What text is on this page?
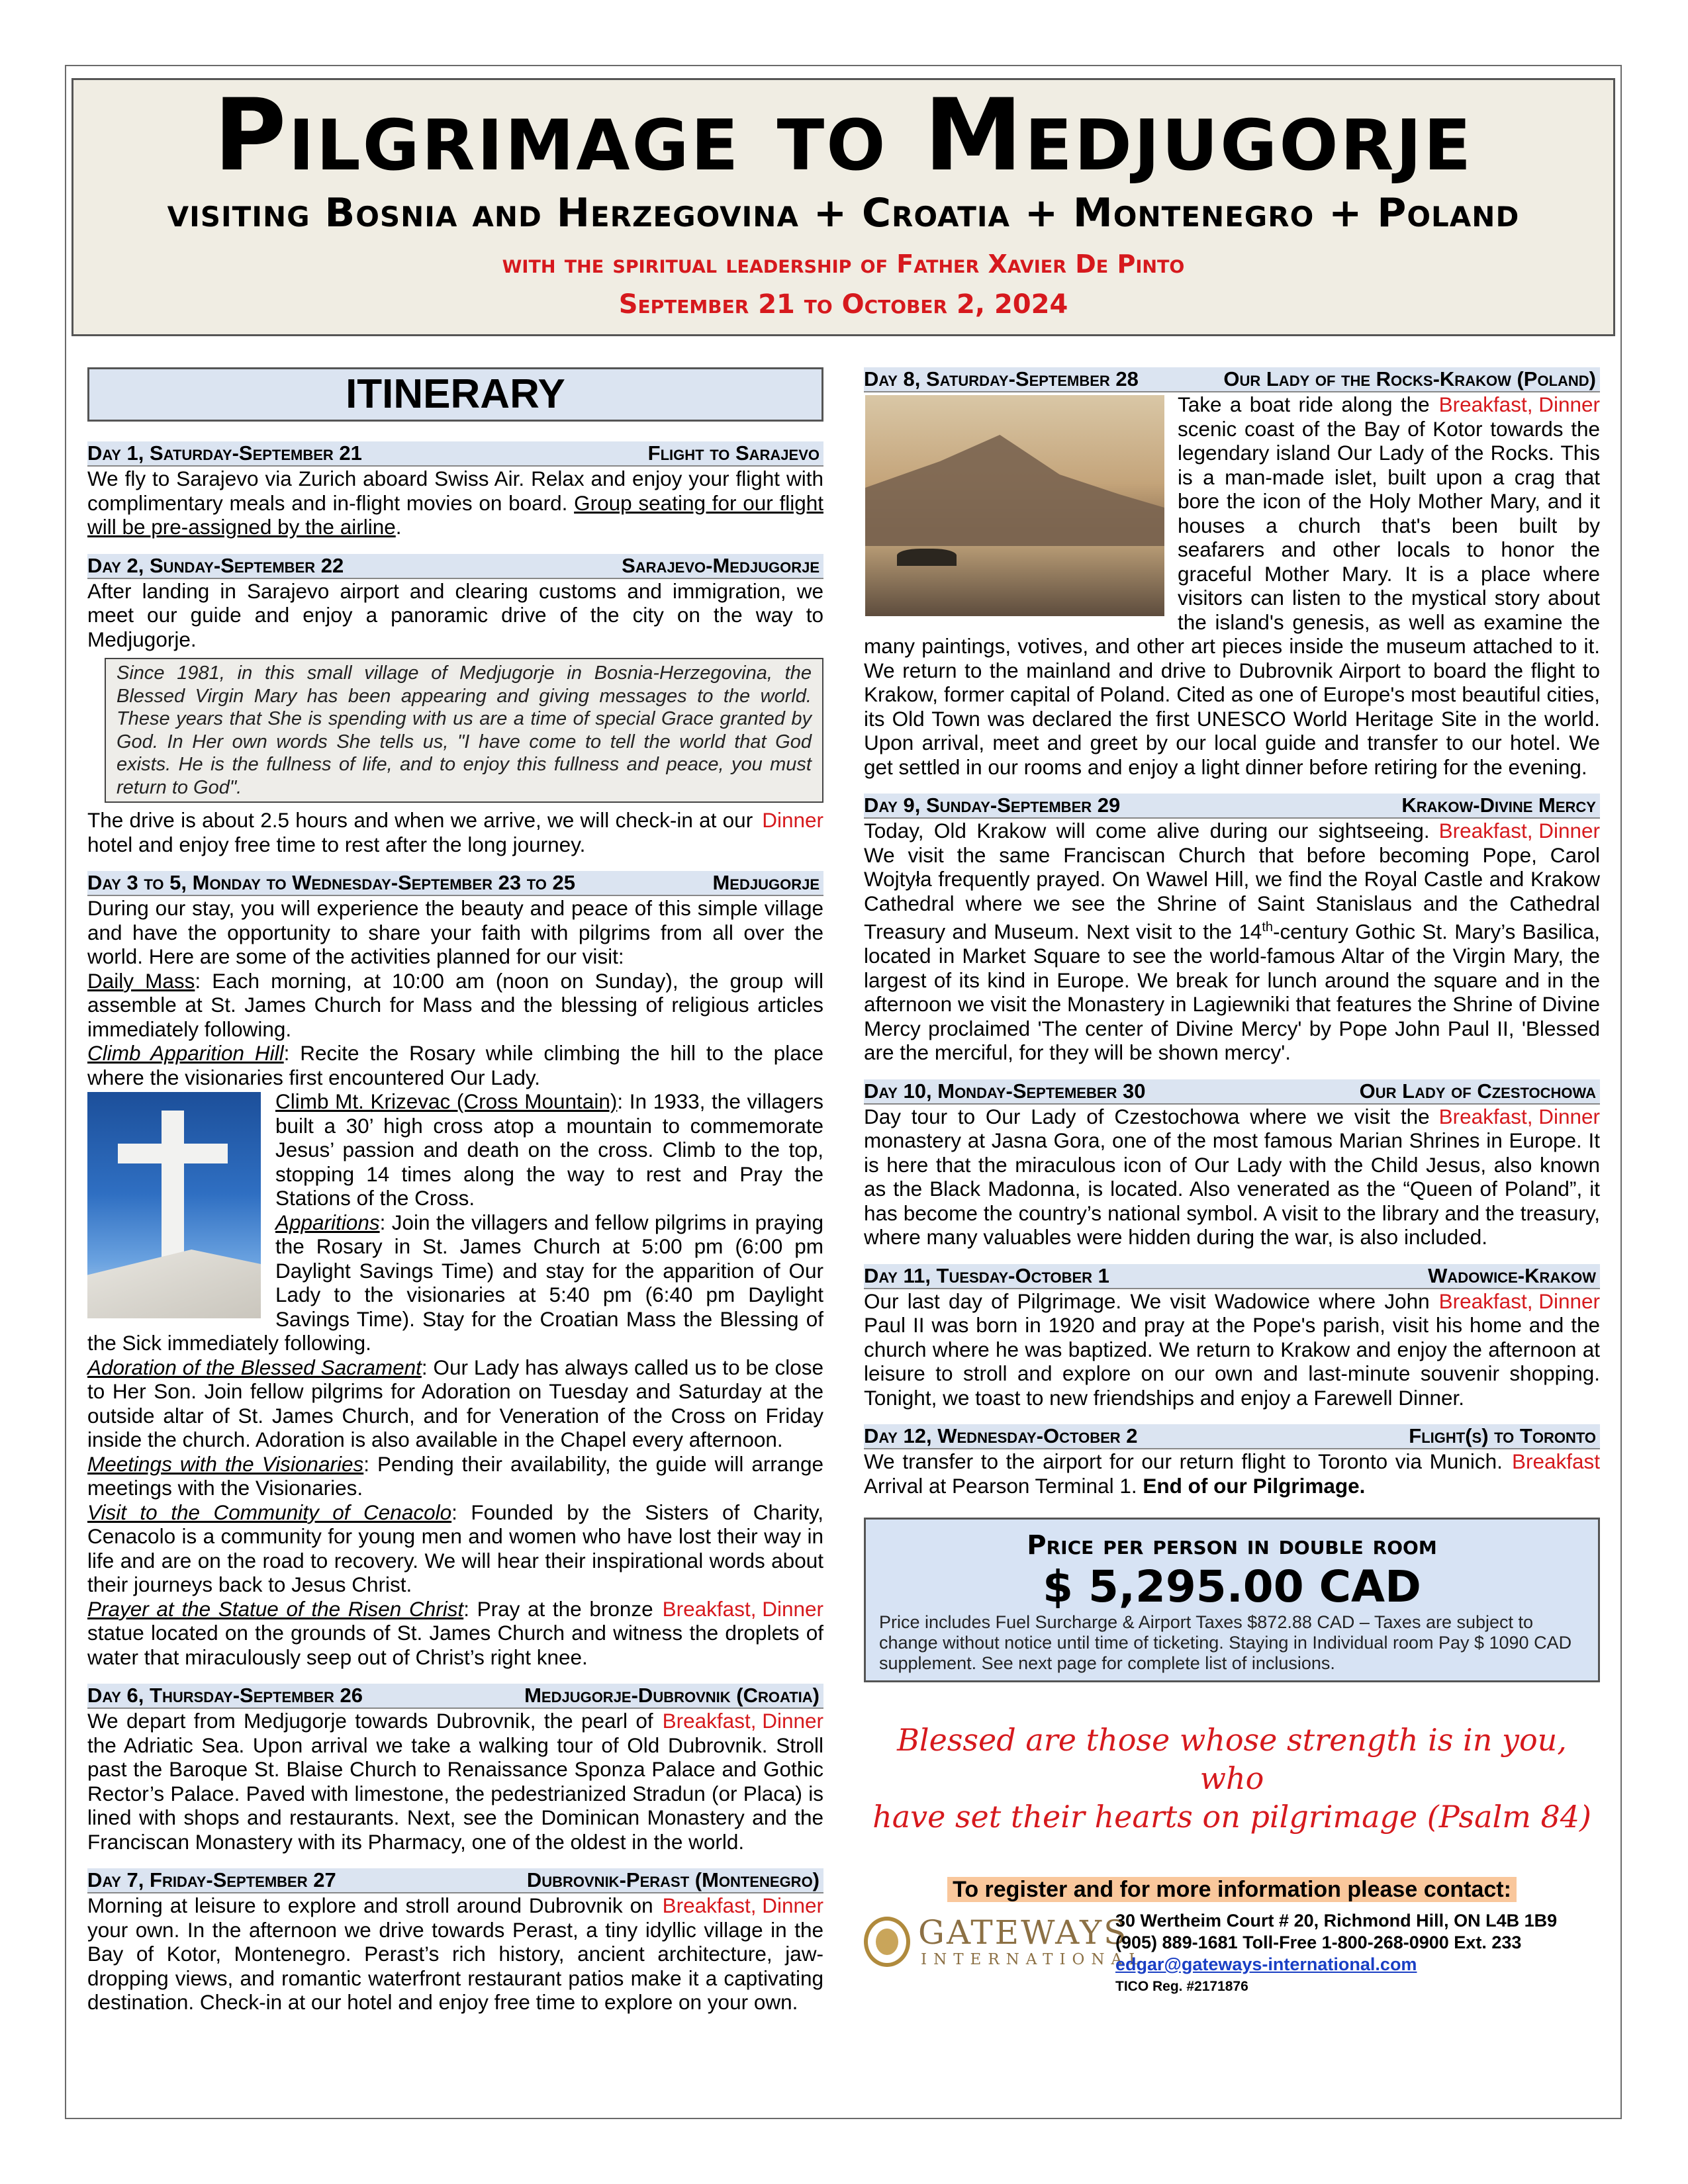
Pilgrimage to Medjugorje
visiting Bosnia and Herzegovina + Croatia + Montenegro + Poland
with the spiritual leadership of Father Xavier De Pinto
September 21 to October 2, 2024
ITINERARY
Day 1, Saturday-September 21	Flight to Sarajevo

We fly to Sarajevo via Zurich aboard Swiss Air. Relax and enjoy your flight with complimentary meals and in-flight movies on board. Group seating for our flight will be pre-assigned by the airline.

Day 2, Sunday-September 22	Sarajevo-Medjugorje

After landing in Sarajevo airport and clearing customs and immigration, we meet our guide and enjoy a panoramic drive of the city on the way to Medjugorje.

Since 1981, in this small village of Medjugorje in Bosnia-Herzegovina, the Blessed Virgin Mary has been appearing and giving messages to the world. These years that She is spending with us are a time of special Grace granted by God. In Her own words She tells us, "I have come to tell the world that God exists. He is the fullness of life, and to enjoy this fullness and peace, you must return to God".

Dinner
The drive is about 2.5 hours and when we arrive, we will check-in at our hotel and enjoy free time to rest after the long journey.

Day 3 to 5, Monday to Wednesday-September 23 to 25	Medjugorje

During our stay, you will experience the beauty and peace of this simple village and have the opportunity to share your faith with pilgrims from all over the world. Here are some of the activities planned for our visit:

Daily Mass: Each morning, at 10:00 am (noon on Sunday), the group will assemble at St. James Church for Mass and the blessing of religious articles immediately following.

Climb Apparition Hill: Recite the Rosary while climbing the hill to the place where the visionaries first encountered Our Lady.

Climb Mt. Krizevac (Cross Mountain): In 1933, the villagers built a 30’ high cross atop a mountain to commemorate Jesus’ passion and death on the cross. Climb to the top, stopping 14 times along the way to rest and Pray the Stations of the Cross.

Apparitions: Join the villagers and fellow pilgrims in praying the Rosary in St. James Church at 5:00 pm (6:00 pm Daylight Savings Time) and stay for the apparition of Our Lady to the visionaries at 5:40 pm (6:40 pm Daylight Savings Time). Stay for the Croatian Mass the Blessing of the Sick immediately following.

Adoration of the Blessed Sacrament: Our Lady has always called us to be close to Her Son. Join fellow pilgrims for Adoration on Tuesday and Saturday at the outside altar of St. James Church, and for Veneration of the Cross on Friday inside the church. Adoration is also available in the Chapel every afternoon.

Meetings with the Visionaries: Pending their availability, the guide will arrange meetings with the Visionaries.

Visit to the Community of Cenacolo: Founded by the Sisters of Charity, Cenacolo is a community for young men and women who have lost their way in life and are on the road to recovery. We will hear their inspirational words about their journeys back to Jesus Christ.

Breakfast, Dinner
Prayer at the Statue of the Risen Christ: Pray at the bronze statue located on the grounds of St. James Church and witness the droplets of water that miraculously seep out of Christ’s right knee.

Day 6, Thursday-September 26	Medjugorje-Dubrovnik (Croatia)

Breakfast, Dinner
We depart from Medjugorje towards Dubrovnik, the pearl of the Adriatic Sea. Upon arrival we take a walking tour of Old Dubrovnik. Stroll past the Baroque St. Blaise Church to Renaissance Sponza Palace and Gothic Rector’s Palace. Paved with limestone, the pedestrianized Stradun (or Placa) is lined with shops and restaurants. Next, see the Dominican Monastery and the Franciscan Monastery with its Pharmacy, one of the oldest in the world.

Day 7, Friday-September 27	Dubrovnik-Perast (Montenegro)

Breakfast, Dinner
Morning at leisure to explore and stroll around Dubrovnik on your own. In the afternoon we drive towards Perast, a tiny idyllic village in the Bay of Kotor, Montenegro. Perast’s rich history, ancient architecture, jaw-dropping views, and romantic waterfront restaurant patios make it a captivating destination. Check-in at our hotel and enjoy free time to explore on your own.

Day 8, Saturday-September 28	Our Lady of the Rocks-Krakow (Poland)

Breakfast, Dinner
Take a boat ride along the scenic coast of the Bay of Kotor towards the legendary island Our Lady of the Rocks. This is a man-made islet, built upon a crag that bore the icon of the Holy Mother Mary, and it houses a church that's been built by seafarers and other locals to honor the graceful Mother Mary. It is a place where visitors can listen to the mystical story about the island's genesis, as well as examine the many paintings, votives, and other art pieces inside the museum attached to it. We return to the mainland and drive to Dubrovnik Airport to board the flight to Krakow, former capital of Poland. Cited as one of Europe's most beautiful cities, its Old Town was declared the first UNESCO World Heritage Site in the world. Upon arrival, meet and greet by our local guide and transfer to our hotel. We get settled in our rooms and enjoy a light dinner before retiring for the evening.

Day 9, Sunday-September 29	Krakow-Divine Mercy

Breakfast, Dinner
Today, Old Krakow will come alive during our sightseeing. We visit the same Franciscan Church that before becoming Pope, Carol Wojtyła frequently prayed. On Wawel Hill, we find the Royal Castle and Krakow Cathedral where we see the Shrine of Saint Stanislaus and the Cathedral Treasury and Museum. Next visit to the 14th-century Gothic St. Mary’s Basilica, located in Market Square to see the world-famous Altar of the Virgin Mary, the largest of its kind in Europe. We break for lunch around the square and in the afternoon we visit the Monastery in Lagiewniki that features the Shrine of Divine Mercy proclaimed 'The center of Divine Mercy' by Pope John Paul II, 'Blessed are the merciful, for they will be shown mercy'.

Day 10, Monday-Septemeber 30	Our Lady of Czestochowa

Breakfast, Dinner
Day tour to Our Lady of Czestochowa where we visit the monastery at Jasna Gora, one of the most famous Marian Shrines in Europe. It is here that the miraculous icon of Our Lady with the Child Jesus, also known as the Black Madonna, is located. Also venerated as the “Queen of Poland”, it has become the country’s national symbol. A visit to the library and the treasury, where many valuables were hidden during the war, is also included.

Day 11, Tuesday-October 1	Wadowice-Krakow

Breakfast, Dinner
Our last day of Pilgrimage. We visit Wadowice where John Paul II was born in 1920 and pray at the Pope's parish, visit his home and the church where he was baptized. We return to Krakow and enjoy the afternoon at leisure to stroll and explore on our own and last-minute souvenir shopping. Tonight, we toast to new friendships and enjoy a Farewell Dinner.

Day 12, Wednesday-October 2	Flight(s) to Toronto

Breakfast
We transfer to the airport for our return flight to Toronto via Munich. Arrival at Pearson Terminal 1. End of our Pilgrimage.

Price per person in double room
$ 5,295.00 CAD
Price includes Fuel Surcharge & Airport Taxes $872.88 CAD – Taxes are subject to change without notice until time of ticketing. Staying in Individual room Pay $ 1090 CAD supplement. See next page for complete list of inclusions.
Blessed are those whose strength is in you, who
have set their hearts on pilgrimage (Psalm 84)
To register and for more information please contact:
GATEWAYS
INTERNATIONAL
30 Wertheim Court # 20, Richmond Hill, ON L4B 1B9
(905) 889-1681 Toll-Free 1-800-268-0900 Ext. 233
edgar@gateways-international.com
TICO Reg. #2171876
